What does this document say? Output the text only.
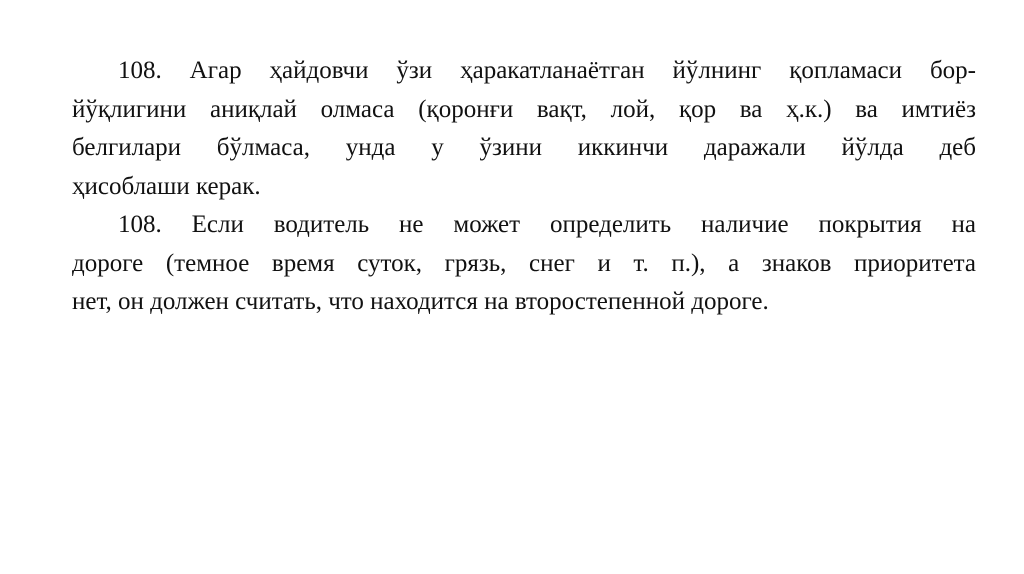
108. Агар ҳайдовчи ўзи ҳаракатланаётган йўлнинг қопламаси бор-
йўқлигини аниқлай олмаса (қоронғи вақт, лой, қор ва ҳ.к.) ва имтиёз
белгилари бўлмаса, унда у ўзини иккинчи даражали йўлда деб
ҳисоблаши керак.
108. Если водитель не может определить наличие покрытия на
дороге (темное время суток, грязь, снег и т. п.), а знаков приоритета
нет, он должен считать, что находится на второстепенной дороге.
